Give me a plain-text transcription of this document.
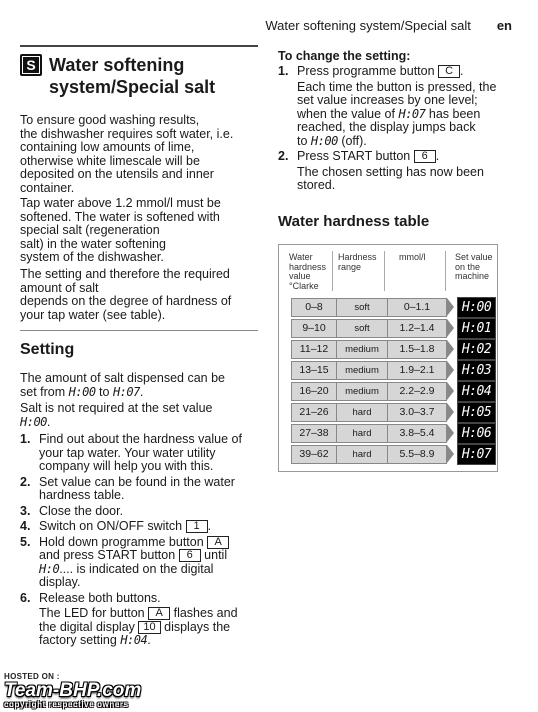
Water softening system/Special salt en
S Water softening
system/Special salt

To ensure good washing results,

the dishwasher requires soft water, i.e.

containing low amounts of lime,

otherwise white limescale will be

deposited on the utensils and inner

container.

Tap water above 1.2 mmol/l must be

softened. The water is softened with

special salt (regeneration

salt) in the water softening

system of the dishwasher.

The setting and therefore the required

amount of salt

depends on the degree of hardness of

your tap water (see table).

Setting

The amount of salt dispensed can be

set from H:00 to H:07.

Salt is not required at the set value

H:00.

1. Find out about the hardness value of
your tap water. Your water utility
company will help you with this.
2. Set value can be found in the water
hardness table.
3. Close the door.
4. Switch on ON/OFF switch 1 .
5. Hold down programme button A
and press START button 6 until
H:0.... is indicated on the digital
display.
6. Release both buttons.
The LED for button A flashes and
the digital display 10 displays the
factory setting H:04.
To change the setting:
1. Press programme button C .
Each time the button is pressed, the
set value increases by one level;
when the value of H:07 has been
reached, the display jumps back
to H:00 (off).
2. Press START button 6 .
The chosen setting has now been
stored.
Water hardness table
Water
hardness
value
°Clarke
Hardness
range
mmol/l	Set value
on the
machine
0–8	soft	0–1.1	H:00
9–10	soft	1.2–1.4	H:01
11–12	medium	1.5–1.8	H:02
13–15	medium	1.9–2.1	H:03
16–20	medium	2.2–2.9	H:04
21–26	hard	3.0–3.7	H:05
27–38	hard	3.8–5.4	H:06
39–62	hard	5.5–8.9	H:07
HOSTED ON :
Team-BHP.com
copyright respective owners
